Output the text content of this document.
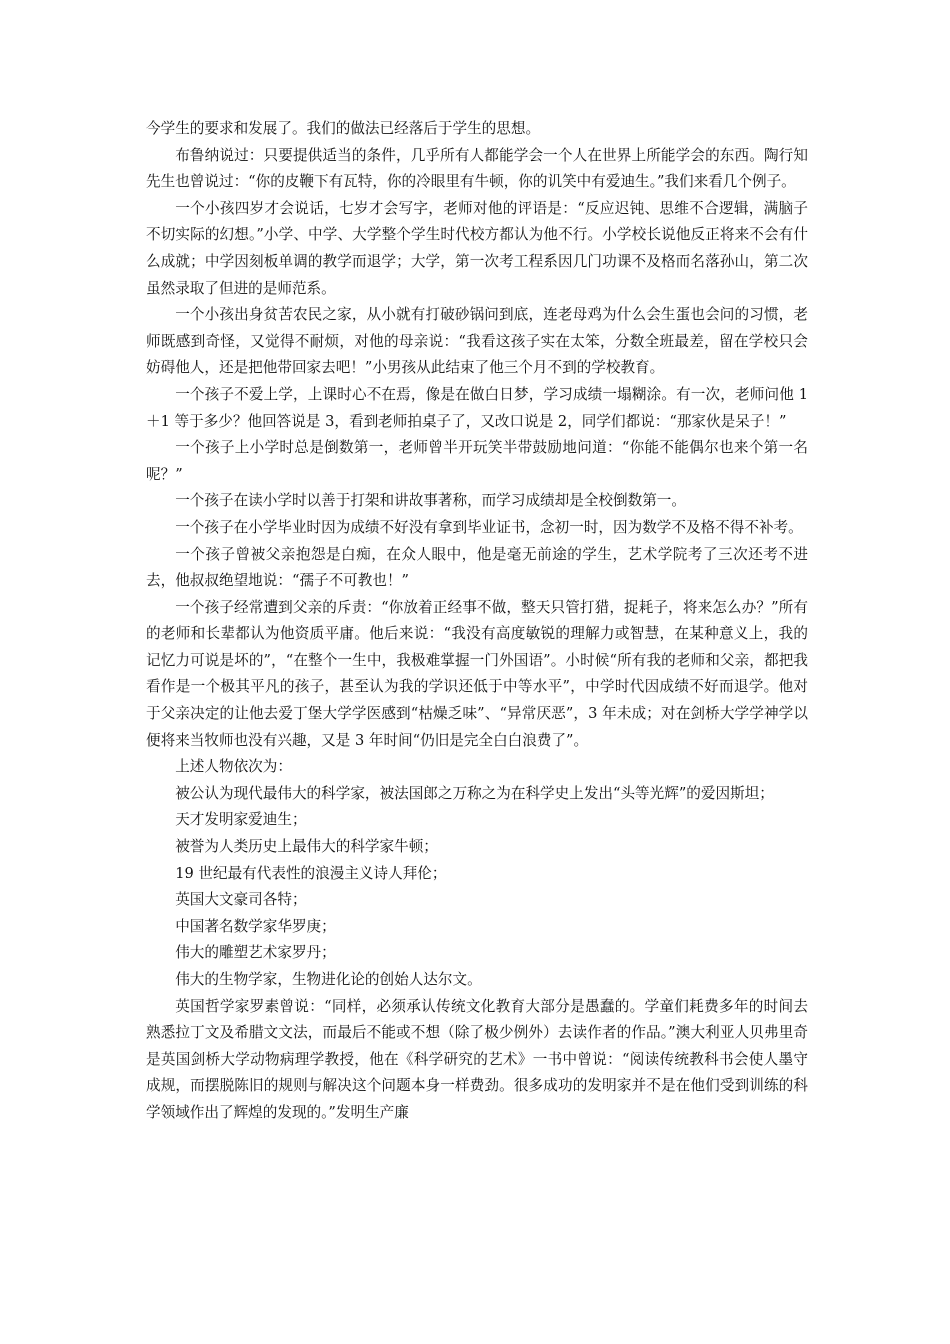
今学生的要求和发展了。我们的做法已经落后于学生的思想。

布鲁纳说过：只要提供适当的条件，几乎所有人都能学会一个人在世界上所能学会的东西。陶行知先生也曾说过：“你的皮鞭下有瓦特，你的冷眼里有牛顿，你的讥笑中有爱迪生。”我们来看几个例子。

一个小孩四岁才会说话，七岁才会写字，老师对他的评语是：“反应迟钝、思维不合逻辑，满脑子不切实际的幻想。”小学、中学、大学整个学生时代校方都认为他不行。小学校长说他反正将来不会有什么成就；中学因刻板单调的教学而退学；大学，第一次考工程系因几门功课不及格而名落孙山，第二次虽然录取了但进的是师范系。

一个小孩出身贫苦农民之家，从小就有打破砂锅问到底，连老母鸡为什么会生蛋也会问的习惯，老师既感到奇怪，又觉得不耐烦，对他的母亲说：“我看这孩子实在太笨，分数全班最差，留在学校只会妨碍他人，还是把他带回家去吧！”小男孩从此结束了他三个月不到的学校教育。

一个孩子不爱上学，上课时心不在焉，像是在做白日梦，学习成绩一塌糊涂。有一次，老师问他 1＋1 等于多少？他回答说是 3，看到老师拍桌子了，又改口说是 2，同学们都说：“那家伙是呆子！”

一个孩子上小学时总是倒数第一，老师曾半开玩笑半带鼓励地问道：“你能不能偶尔也来个第一名呢？”

一个孩子在读小学时以善于打架和讲故事著称，而学习成绩却是全校倒数第一。

一个孩子在小学毕业时因为成绩不好没有拿到毕业证书，念初一时，因为数学不及格不得不补考。

一个孩子曾被父亲抱怨是白痴，在众人眼中，他是毫无前途的学生，艺术学院考了三次还考不进去，他叔叔绝望地说：“孺子不可教也！”

一个孩子经常遭到父亲的斥责：“你放着正经事不做，整天只管打猎，捉耗子，将来怎么办？”所有的老师和长辈都认为他资质平庸。他后来说：“我没有高度敏锐的理解力或智慧，在某种意义上，我的记忆力可说是坏的”，“在整个一生中，我极难掌握一门外国语”。小时候“所有我的老师和父亲，都把我看作是一个极其平凡的孩子，甚至认为我的学识还低于中等水平”，中学时代因成绩不好而退学。他对于父亲决定的让他去爱丁堡大学学医感到“枯燥乏味”、“异常厌恶”，3 年未成；对在剑桥大学学神学以便将来当牧师也没有兴趣，又是 3 年时间“仍旧是完全白白浪费了”。

上述人物依次为：

被公认为现代最伟大的科学家，被法国郎之万称之为在科学史上发出“头等光辉”的爱因斯坦；

天才发明家爱迪生；

被誉为人类历史上最伟大的科学家牛顿；

19 世纪最有代表性的浪漫主义诗人拜伦；

英国大文豪司各特；

中国著名数学家华罗庚；

伟大的雕塑艺术家罗丹；

伟大的生物学家，生物进化论的创始人达尔文。

英国哲学家罗素曾说：“同样，必须承认传统文化教育大部分是愚蠢的。学童们耗费多年的时间去熟悉拉丁文及希腊文文法，而最后不能或不想（除了极少例外）去读作者的作品。”澳大利亚人贝弗里奇是英国剑桥大学动物病理学教授，他在《科学研究的艺术》一书中曾说：“阅读传统教科书会使人墨守成规，而摆脱陈旧的规则与解决这个问题本身一样费劲。很多成功的发明家并不是在他们受到训练的科学领域作出了辉煌的发现的。”发明生产廉
